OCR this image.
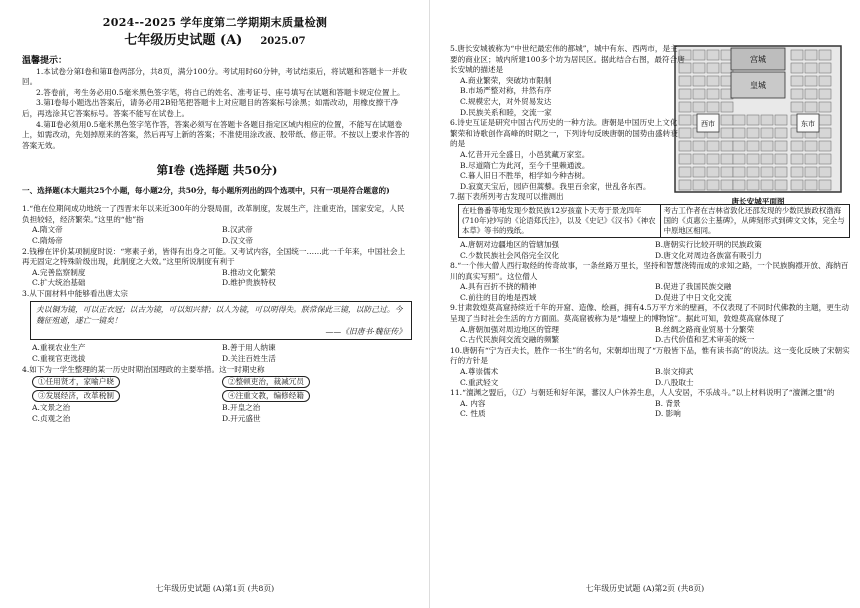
2024--2025 学年度第二学期期末质量检测
七年级历史试题 (A) 2025.07
温馨提示：

1.本试卷分第Ⅰ卷和第Ⅱ卷两部分，共8页，满分100分。考试用时60分钟，考试结束后，将试题和答题卡一并收回。

2.答卷前，考生务必用0.5毫米黑色签字笔，将自己的姓名、准考证号、座号填写在试题和答题卡规定位置上。

3.第Ⅰ卷每小题选出答案后，请务必用2B铅笔把答题卡上对应题目的答案标号涂黑；如需改动，用橡皮擦干净后，再选涂其它答案标号。答案不能写在试卷上。

4.第Ⅱ卷必须用0.5毫米黑色签字笔作答，答案必须写在答题卡各题目指定区域内相应的位置，不能写在试题卷上，如需改动，先划掉原来的答案，然后再写上新的答案；不准使用涂改液、胶带纸、修正带。不按以上要求作答的答案无效。

第Ⅰ卷 (选择题 共50分)

一、选择题(本大题共25个小题，每小题2分，共50分，每小题所列出的四个选项中，只有一项是符合题意的)

1.“他在位期间成功地统一了西晋末年以来近300年的分裂局面，改革制度，发展生产，注重吏治，国家安定，人民负担较轻，经济繁荣。”这里的“他”指

A.隋文帝	B.汉武帝
C.隋炀帝	D.汉文帝

2.钱穆在评价某项制度时说：“寒素子弟，皆得有出身之可能。又考试内容，全国统一……此一千年来，中国社会上再无固定之特殊阶级出现，此制度之大效。”这里所说制度有利于

A.完善监察制度	B.推动文化繁荣
C.扩大统治基础	D.维护贵族特权

3.从下面材料中能够看出唐太宗

夫以铜为镜，可以正衣冠；以古为镜，可以知兴替；以人为镜，可以明得失。朕常保此三镜，以防己过。今魏征殂逝，遂亡一镜矣！
——《旧唐书·魏征传》
A.重视农业生产	B.善于用人纳谏
C.重视官吏选拔	D.关注百姓生活

4.如下为一学生整理的某一历史时期治国理政的主要举措。这一时期史称

①任用贤才，家喻户晓	②整顿吏治，裁减冗员
③发展经济，改革税制	④注重文教，编修经籍
A.文景之治	B.开皇之治
C.贞观之治	D.开元盛世
七年级历史试题 (A)第1页 (共8页)
宫城
皇城
西市	东市
唐长安城平面图

5.唐长安城被称为“中世纪最宏伟的都城”，城中有东、西两市，是主要的商业区；城内所建100多个坊为居民区。据此结合右图，最符合唐长安城的描述是

A.商业繁荣，突破坊市限制
B.市场严整对称，井然有序
C.规模宏大，对外贸易发达
D.民族关系和睦，交流一家

6.诗史互证是研究中国古代历史的一种方法。唐朝是中国历史上文化繁荣和诗歌创作高峰的时期之一，下列诗句反映唐朝的国势由盛转衰的是

A.忆昔开元全盛日，小邑犹藏万家室。
B.尽道隋亡为此河，至今千里赖通波。
C.暮人旧日不胜举，相学如今种杏树。
D.寂寞天宝后，园庐但蒿藜。我里百余家，世乱各东西。

7.据下表所列考古发现可以推测出

在吐鲁番等地发现少数民族12岁孩童卜天寿于景龙四年(710年)抄写的《论语郑氏注》，以及《史记》《汉书》《神农本草》等书的残纸。	考古工作者在吉林省敦化还邵发现的少数民族政权渤海国的《贞惠公主墓碑》，从碑刻形式到碑文文体，完全与中原地区相同。
A.唐朝对边疆地区的管辖加强	B.唐朝实行比较开明的民族政策
C.少数民族社会风俗完全汉化	D.唐文化对周边各族富有吸引力

8.“一个伟大僧人西行取经的传奇故事，一条丝路万里长，坚持和智慧浇铸而成的求知之路，一个民族胸襟开放、海纳百川的真实写照”。这位僧人

A.具有百折不挠的精神	B.促进了我国民族交融
C.前往的目的地是西域	D.促进了中日文化交流

9.甘肃敦煌莫高窟持续近千年的开窟、造像、绘画，拥有4.5万平方米的壁画，不仅表现了不同时代佛教的主题，更生动呈现了当时社会生活的方方面面。莫高窟被称为是“墙壁上的博物馆”。据此可知，敦煌莫高窟体现了

A.唐朝加强对周边地区的管理	B.丝绸之路商业贸易十分繁荣
C.古代民族间交流交融的频繁	D.古代价值和艺术审美的统一

10.唐朝有“宁为百夫长，胜作一书生”的名句，宋朝却出现了“万般皆下品，惟有读书高”的说法。这一变化反映了宋朝实行的方针是

A.尊崇儒术	B.崇文抑武
C.重武轻文	D.八股取士

11.“澶渊之盟后，（辽）与朝廷和好年深，蕃汉人户休养生息，人人安居，不乐战斗。”以上材料说明了“澶渊之盟”的

A. 内容	B. 背景
C. 性质	D. 影响
七年级历史试题 (A)第2页 (共8页)
